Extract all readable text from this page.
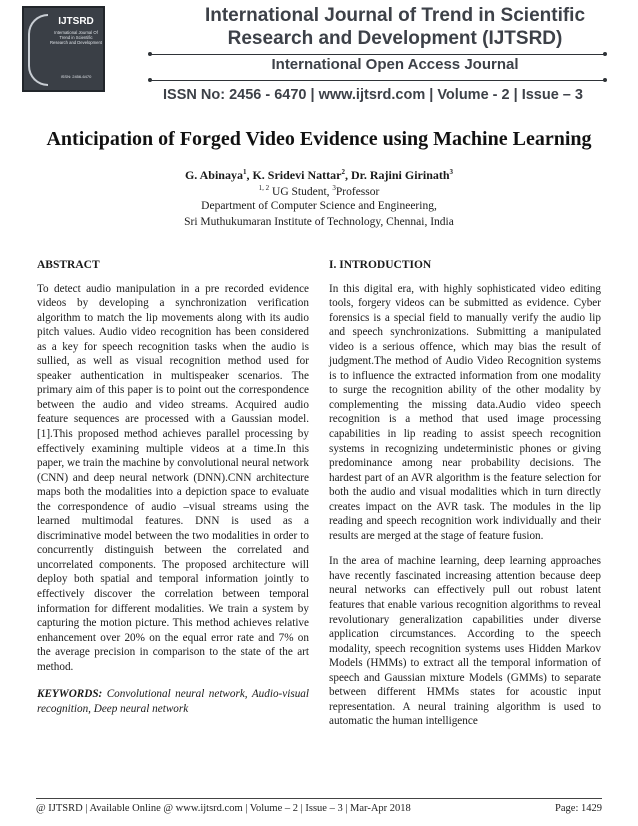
IJTSRD
International Journal Of Trend in Scientific Research and Development
ISSN: 2456-6470
International Journal of Trend in Scientific
Research and Development (IJTSRD)
International Open Access Journal
ISSN No: 2456 - 6470 | www.ijtsrd.com | Volume - 2 | Issue – 3
Anticipation of Forged Video Evidence using Machine Learning
G. Abinaya$^1$, K. Sridevi Nattar$^2$, Dr. Rajini Girinath$^3$
$^{1, 2}$ UG Student, $^3$Professor
Department of Computer Science and Engineering,
Sri Muthukumaran Institute of Technology, Chennai, India
ABSTRACT

To detect audio manipulation in a pre recorded evidence videos by developing a synchronization verification algorithm to match the lip movements along with its audio pitch values. Audio video recognition has been considered as a key for speech recognition tasks when the audio is sullied, as well as visual recognition method used for speaker authentication in multispeaker scenarios. The primary aim of this paper is to point out the correspondence between the audio and video streams. Acquired audio feature sequences are processed with a Gaussian model. [1].This proposed method achieves parallel processing by effectively examining multiple videos at a time.In this paper, we train the machine by convolutional neural network (CNN) and deep neural network (DNN).CNN architecture maps both the modalities into a depiction space to evaluate the correspondence of audio –visual streams using the learned multimodal features. DNN is used as a discriminative model between the two modalities in order to concurrently distinguish between the correlated and uncorrelated components. The proposed architecture will deploy both spatial and temporal information jointly to effectively discover the correlation between temporal information for different modalities. We train a system by capturing the motion picture. This method achieves relative enhancement over 20% on the equal error rate and 7% on the average precision in comparison to the state of the art method.

KEYWORDS: Convolutional neural network, Audio-visual recognition, Deep neural network
I. INTRODUCTION

In this digital era, with highly sophisticated video editing tools, forgery videos can be submitted as evidence. Cyber forensics is a special field to manually verify the audio lip and speech synchronizations. Submitting a manipulated video is a serious offence, which may bias the result of judgment.The method of Audio Video Recognition systems is to influence the extracted information from one modality to surge the recognition ability of the other modality by complementing the missing data.Audio video speech recognition is a method that used image processing capabilities in lip reading to assist speech recognition systems in recognizing undeterministic phones or giving predominance among near probability decisions. The hardest part of an AVR algorithm is the feature selection for both the audio and visual modalities which in turn directly creates impact on the AVR task. The modules in the lip reading and speech recognition work individually and their results are merged at the stage of feature fusion.

In the area of machine learning, deep learning approaches have recently fascinated increasing attention because deep neural networks can effectively pull out robust latent features that enable various recognition algorithms to reveal revolutionary generalization capabilities under diverse application circumstances. According to the speech modality, speech recognition systems uses Hidden Markov Models (HMMs) to extract all the temporal information of speech and Gaussian mixture Models (GMMs) to separate between different HMMs states for acoustic input representation. A neural training algorithm is used to automatic the human intelligence

@ IJTSRD | Available Online @ www.ijtsrd.com | Volume – 2 | Issue – 3 | Mar-Apr 2018	Page: 1429
